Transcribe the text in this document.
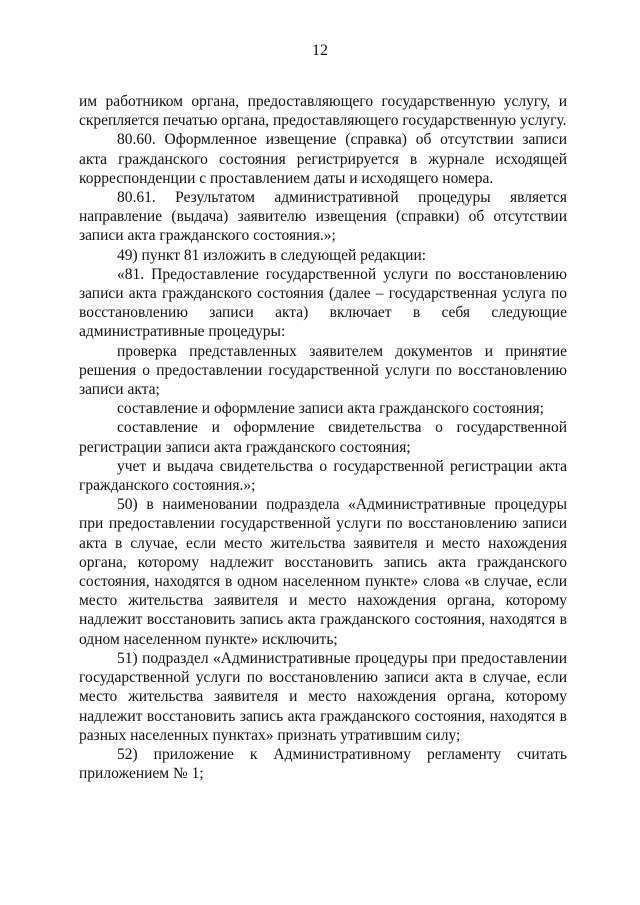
12

им работником органа, предоставляющего государственную услугу, и скрепляется печатью органа, предоставляющего государственную услугу.

80.60. Оформленное извещение (справка) об отсутствии записи акта гражданского состояния регистрируется в журнале исходящей корреспонденции с проставлением даты и исходящего номера.

80.61. Результатом административной процедуры является направление (выдача) заявителю извещения (справки) об отсутствии записи акта гражданского состояния.»;

49) пункт 81 изложить в следующей редакции:

«81. Предоставление государственной услуги по восстановлению записи акта гражданского состояния (далее – государственная услуга по восстановлению записи акта) включает в себя следующие административные процедуры:

проверка представленных заявителем документов и принятие решения о предоставлении государственной услуги по восстановлению записи акта;

составление и оформление записи акта гражданского состояния;

составление и оформление свидетельства о государственной регистрации записи акта гражданского состояния;

учет и выдача свидетельства о государственной регистрации акта гражданского состояния.»;

50) в наименовании подраздела «Административные процедуры при предоставлении государственной услуги по восстановлению записи акта в случае, если место жительства заявителя и место нахождения органа, которому надлежит восстановить запись акта гражданского состояния, находятся в одном населенном пункте» слова «в случае, если место жительства заявителя и место нахождения органа, которому надлежит восстановить запись акта гражданского состояния, находятся в одном населенном пункте» исключить;

51) подраздел «Административные процедуры при предоставлении государственной услуги по восстановлению записи акта в случае, если место жительства заявителя и место нахождения органа, которому надлежит восстановить запись акта гражданского состояния, находятся в разных населенных пунктах» признать утратившим силу;

52) приложение к Административному регламенту считать приложением № 1;
